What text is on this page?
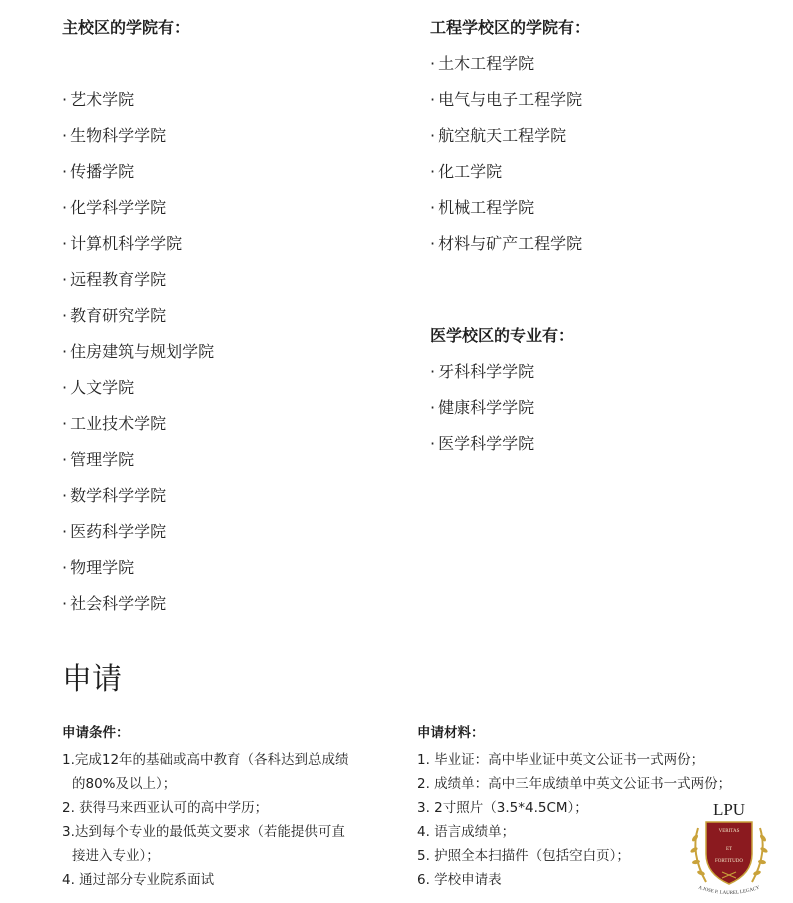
主校区的学院有：
· 艺术学院
· 生物科学学院
· 传播学院
· 化学科学学院
· 计算机科学学院
· 远程教育学院
· 教育研究学院
· 住房建筑与规划学院
· 人文学院
· 工业技术学院
· 管理学院
· 数学科学学院
· 医药科学学院
· 物理学院
· 社会科学学院
工程学校区的学院有：
· 土木工程学院
· 电气与电子工程学院
· 航空航天工程学院
· 化工学院
· 机械工程学院
· 材料与矿产工程学院
医学校区的专业有：
· 牙科科学学院
· 健康科学学院
· 医学科学学院
申请
申请条件：
1.完成12年的基础或高中教育（各科达到总成绩
的80%及以上）；
2. 获得马来西亚认可的高中学历；
3.达到每个专业的最低英文要求（若能提供可直
接进入专业）；
4. 通过部分专业院系面试
申请材料：
1. 毕业证：高中毕业证中英文公证书一式两份；
2. 成绩单：高中三年成绩单中英文公证书一式两份；
3. 2寸照片（3.5*4.5CM）；
4. 语言成绩单；
5. 护照全本扫描件（包括空白页）；
6. 学校申请表
LPU
VERITAS
ET
FORTITUDO
A JOSE P. LAUREL LEGACY
